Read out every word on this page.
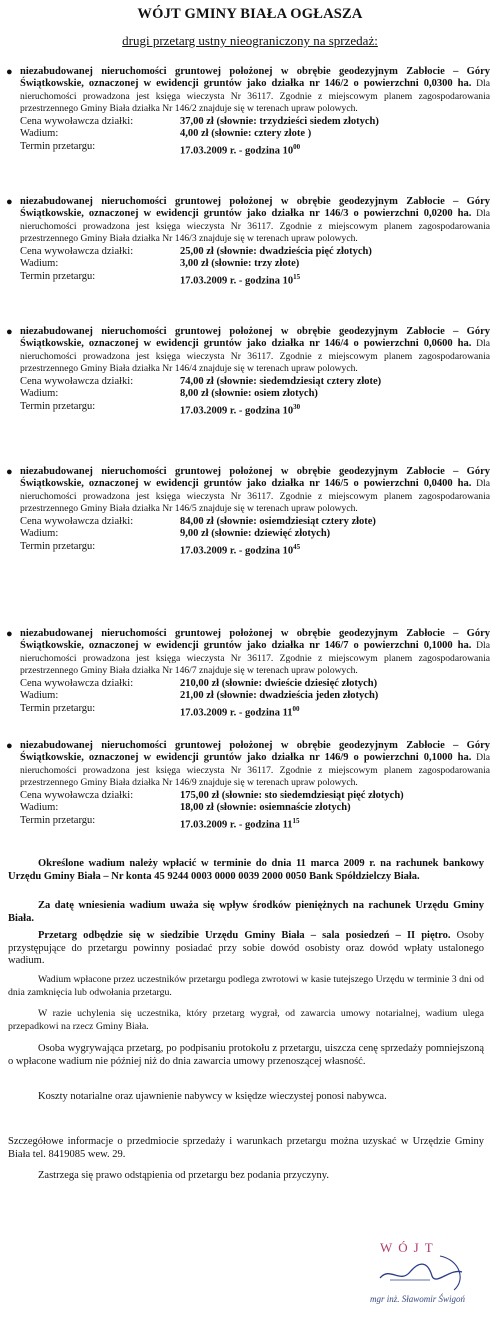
WÓJT GMINY BIAŁA OGŁASZA
drugi przetarg ustny nieograniczony na sprzedaż:
● niezabudowanej nieruchomości gruntowej położonej w obrębie geodezyjnym Zabłocie – Góry Świątkowskie, oznaczonej w ewidencji gruntów jako działka nr 146/2 o powierzchni 0,0300 ha. Dla nieruchomości prowadzona jest księga wieczysta Nr 36117. Zgodnie z miejscowym planem zagospodarowania przestrzennego Gminy Biała działka Nr 146/2 znajduje się w terenach upraw polowych.
Cena wywoławcza działki:	37,00 zł (słownie: trzydzieści siedem złotych)
Wadium:	4,00 zł (słownie: cztery złote )
Termin przetargu:	17.03.2009 r. - godzina $10^{00}$
● niezabudowanej nieruchomości gruntowej położonej w obrębie geodezyjnym Zabłocie – Góry Świątkowskie, oznaczonej w ewidencji gruntów jako działka nr 146/3 o powierzchni 0,0200 ha. Dla nieruchomości prowadzona jest księga wieczysta Nr 36117. Zgodnie z miejscowym planem zagospodarowania przestrzennego Gminy Biała działka Nr 146/3 znajduje się w terenach upraw polowych.
Cena wywoławcza działki:	25,00 zł (słownie: dwadzieścia pięć złotych)
Wadium:	3,00 zł (słownie: trzy złote)
Termin przetargu:	17.03.2009 r. - godzina $10^{15}$
● niezabudowanej nieruchomości gruntowej położonej w obrębie geodezyjnym Zabłocie – Góry Świątkowskie, oznaczonej w ewidencji gruntów jako działka nr 146/4 o powierzchni 0,0600 ha. Dla nieruchomości prowadzona jest księga wieczysta Nr 36117. Zgodnie z miejscowym planem zagospodarowania przestrzennego Gminy Biała działka Nr 146/4 znajduje się w terenach upraw polowych.
Cena wywoławcza działki:	74,00 zł (słownie: siedemdziesiąt cztery złote)
Wadium:	8,00 zł (słownie: osiem złotych)
Termin przetargu:	17.03.2009 r. - godzina $10^{30}$
● niezabudowanej nieruchomości gruntowej położonej w obrębie geodezyjnym Zabłocie – Góry Świątkowskie, oznaczonej w ewidencji gruntów jako działka nr 146/5 o powierzchni 0,0400 ha. Dla nieruchomości prowadzona jest księga wieczysta Nr 36117. Zgodnie z miejscowym planem zagospodarowania przestrzennego Gminy Biała działka Nr 146/5 znajduje się w terenach upraw polowych.
Cena wywoławcza działki:	84,00 zł (słownie: osiemdziesiąt cztery złote)
Wadium:	9,00 zł (słownie: dziewięć złotych)
Termin przetargu:	17.03.2009 r. - godzina $10^{45}$
● niezabudowanej nieruchomości gruntowej położonej w obrębie geodezyjnym Zabłocie – Góry Świątkowskie, oznaczonej w ewidencji gruntów jako działka nr 146/7 o powierzchni 0,1000 ha. Dla nieruchomości prowadzona jest księga wieczysta Nr 36117. Zgodnie z miejscowym planem zagospodarowania przestrzennego Gminy Biała działka Nr 146/7 znajduje się w terenach upraw polowych.
Cena wywoławcza działki:	210,00 zł (słownie: dwieście dziesięć złotych)
Wadium:	21,00 zł (słownie: dwadzieścia jeden złotych)
Termin przetargu:	17.03.2009 r. - godzina $11^{00}$
● niezabudowanej nieruchomości gruntowej położonej w obrębie geodezyjnym Zabłocie – Góry Świątkowskie, oznaczonej w ewidencji gruntów jako działka nr 146/9 o powierzchni 0,1000 ha. Dla nieruchomości prowadzona jest księga wieczysta Nr 36117. Zgodnie z miejscowym planem zagospodarowania przestrzennego Gminy Biała działka Nr 146/9 znajduje się w terenach upraw polowych.
Cena wywoławcza działki:	175,00 zł (słownie: sto siedemdziesiąt pięć złotych)
Wadium:	18,00 zł (słownie: osiemnaście złotych)
Termin przetargu:	17.03.2009 r. - godzina $11^{15}$
Określone wadium należy wpłacić w terminie do dnia 11 marca 2009 r. na rachunek bankowy Urzędu Gminy Biała – Nr konta 45 9244 0003 0000 0039 2000 0050 Bank Spółdzielczy Biała.
Za datę wniesienia wadium uważa się wpływ środków pieniężnych na rachunek Urzędu Gminy Biała.
Przetarg odbędzie się w siedzibie Urzędu Gminy Biała – sala posiedzeń – II piętro. Osoby przystępujące do przetargu powinny posiadać przy sobie dowód osobisty oraz dowód wpłaty ustalonego wadium.
Wadium wpłacone przez uczestników przetargu podlega zwrotowi w kasie tutejszego Urzędu w terminie 3 dni od dnia zamknięcia lub odwołania przetargu.
W razie uchylenia się uczestnika, który przetarg wygrał, od zawarcia umowy notarialnej, wadium ulega przepadkowi na rzecz Gminy Biała.
Osoba wygrywająca przetarg, po podpisaniu protokołu z przetargu, uiszcza cenę sprzedaży pomniejszoną o wpłacone wadium nie później niż do dnia zawarcia umowy przenoszącej własność.
Koszty notarialne oraz ujawnienie nabywcy w księdze wieczystej ponosi nabywca.
Szczegółowe informacje o przedmiocie sprzedaży i warunkach przetargu można uzyskać w Urzędzie Gminy Biała tel. 8419085 wew. 29.
Zastrzega się prawo odstąpienia od przetargu bez podania przyczyny.
WÓJT
mgr inż. Sławomir Świgoń
